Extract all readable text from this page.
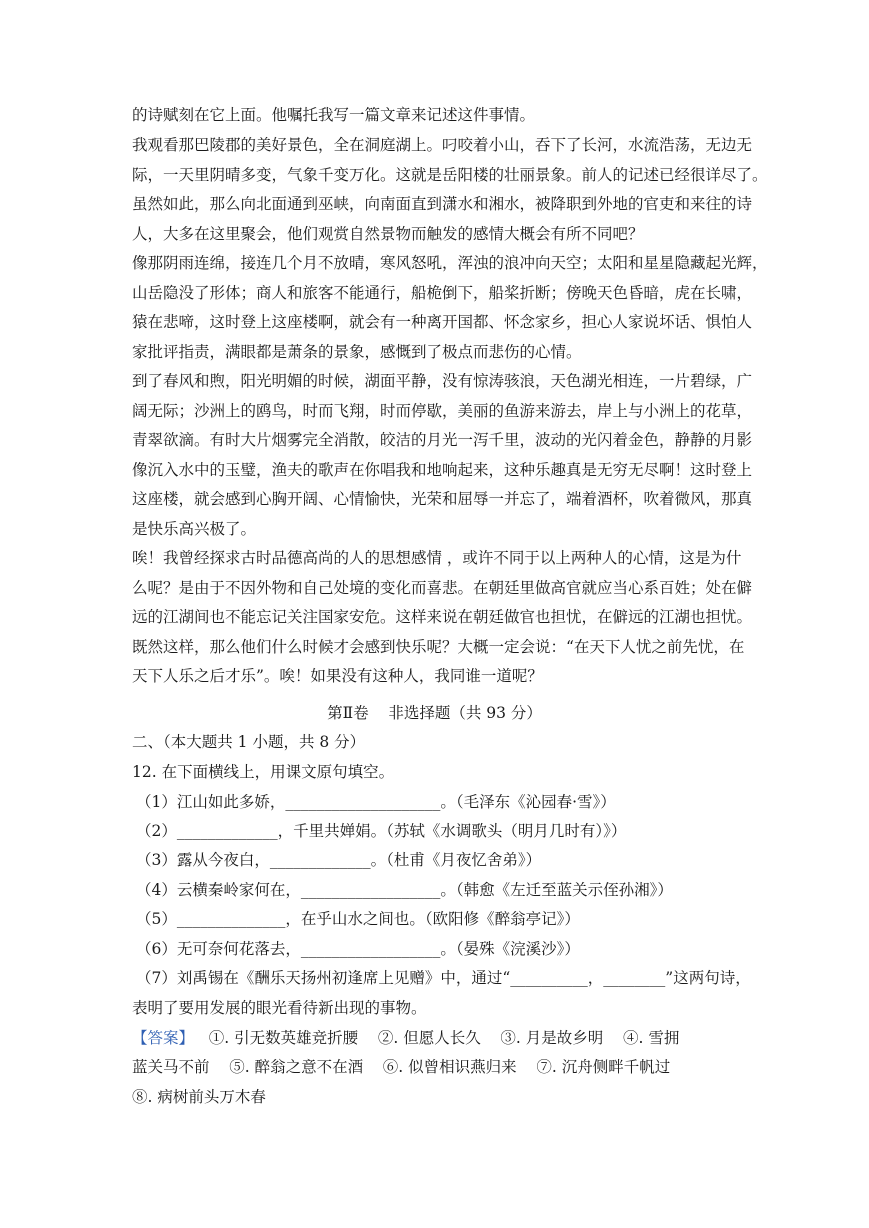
的诗赋刻在它上面。他嘱托我写一篇文章来记述这件事情。
我观看那巴陵郡的美好景色，全在洞庭湖上。叼咬着小山，吞下了长河，水流浩荡，无边无
际，一天里阴晴多变，气象千变万化。这就是岳阳楼的壮丽景象。前人的记述已经很详尽了。
虽然如此，那么向北面通到巫峡，向南面直到潇水和湘水，被降职到外地的官吏和来往的诗
人，大多在这里聚会，他们观赏自然景物而触发的感情大概会有所不同吧？
像那阴雨连绵，接连几个月不放晴，寒风怒吼，浑浊的浪冲向天空；太阳和星星隐藏起光辉，
山岳隐没了形体；商人和旅客不能通行，船桅倒下，船桨折断；傍晚天色昏暗，虎在长啸，
猿在悲啼，这时登上这座楼啊，就会有一种离开国都、怀念家乡，担心人家说坏话、惧怕人
家批评指责，满眼都是萧条的景象，感慨到了极点而悲伤的心情。
到了春风和煦，阳光明媚的时候，湖面平静，没有惊涛骇浪，天色湖光相连，一片碧绿，广
阔无际；沙洲上的鸥鸟，时而飞翔，时而停歇，美丽的鱼游来游去，岸上与小洲上的花草，
青翠欲滴。有时大片烟雾完全消散，皎洁的月光一泻千里，波动的光闪着金色，静静的月影
像沉入水中的玉璧，渔夫的歌声在你唱我和地响起来，这种乐趣真是无穷无尽啊！这时登上
这座楼，就会感到心胸开阔、心情愉快，光荣和屈辱一并忘了，端着酒杯，吹着微风，那真
是快乐高兴极了。
唉！我曾经探求古时品德高尚的人的思想感情 ，或许不同于以上两种人的心情，这是为什
么呢？是由于不因外物和自己处境的变化而喜悲。在朝廷里做高官就应当心系百姓；处在僻
远的江湖间也不能忘记关注国家安危。这样来说在朝廷做官也担忧，在僻远的江湖也担忧。
既然这样，那么他们什么时候才会感到快乐呢？大概一定会说：“在天下人忧之前先忧，在
天下人乐之后才乐”。唉！如果没有这种人，我同谁一道呢？
第Ⅱ卷    非选择题（共 93 分）
二、（本大题共 1 小题，共 8 分）
12. 在下面横线上，用课文原句填空。
（1）江山如此多娇，____________________。（毛泽东《沁园春·雪》）
（2）_____________，千里共婵娟。（苏轼《水调歌头（明月几时有）》）
（3）露从今夜白，_____________。（杜甫《月夜忆舍弟》）
（4）云横秦岭家何在，__________________。（韩愈《左迁至蓝关示侄孙湘》）
（5）______________，在乎山水之间也。（欧阳修《醉翁亭记》）
（6）无可奈何花落去，__________________。（晏殊《浣溪沙》）
（7）刘禹锡在《酬乐天扬州初逢席上见赠》中，通过“__________，________”这两句诗，
表明了要用发展的眼光看待新出现的事物。
【答案】 ①. 引无数英雄竞折腰    ②. 但愿人长久    ③. 月是故乡明    ④. 雪拥
蓝关马不前    ⑤. 醉翁之意不在酒    ⑥. 似曾相识燕归来    ⑦. 沉舟侧畔千帆过
⑧. 病树前头万木春
